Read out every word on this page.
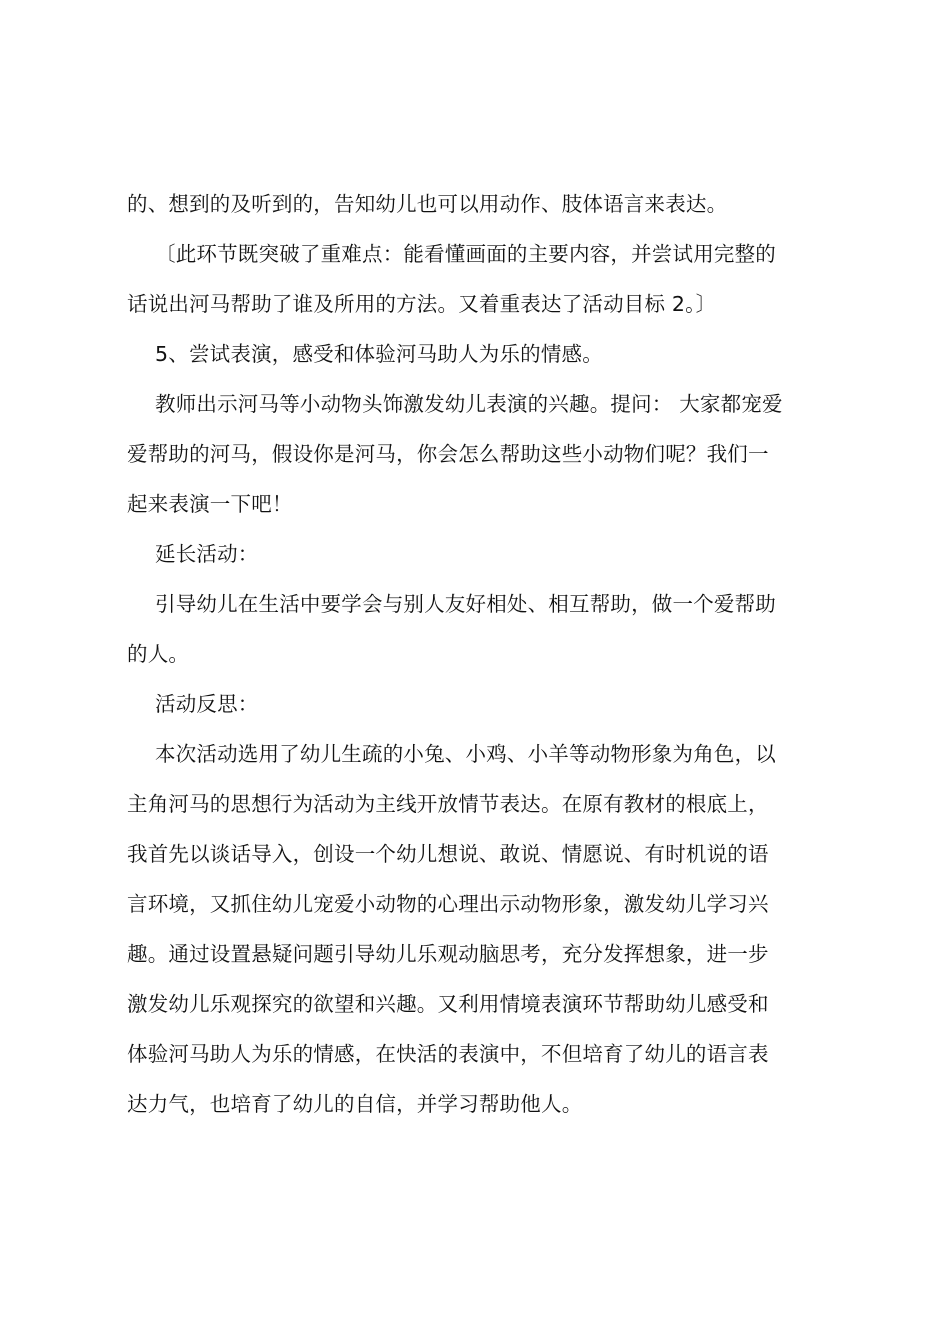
的、想到的及听到的，告知幼儿也可以用动作、肢体语言来表达。
〔此环节既突破了重难点：能看懂画面的主要内容，并尝试用完整的
话说出河马帮助了谁及所用的方法。又着重表达了活动目标 2。〕
5、尝试表演，感受和体验河马助人为乐的情感。
教师出示河马等小动物头饰激发幼儿表演的兴趣。提问： 大家都宠爱
爱帮助的河马，假设你是河马，你会怎么帮助这些小动物们呢？我们一
起来表演一下吧！
延长活动：
引导幼儿在生活中要学会与别人友好相处、相互帮助，做一个爱帮助
的人。
活动反思：
本次活动选用了幼儿生疏的小兔、小鸡、小羊等动物形象为角色，以
主角河马的思想行为活动为主线开放情节表达。在原有教材的根底上，
我首先以谈话导入，创设一个幼儿想说、敢说、情愿说、有时机说的语
言环境，又抓住幼儿宠爱小动物的心理出示动物形象，激发幼儿学习兴
趣。通过设置悬疑问题引导幼儿乐观动脑思考，充分发挥想象，进一步
激发幼儿乐观探究的欲望和兴趣。又利用情境表演环节帮助幼儿感受和
体验河马助人为乐的情感，在快活的表演中，不但培育了幼儿的语言表
达力气，也培育了幼儿的自信，并学习帮助他人。
